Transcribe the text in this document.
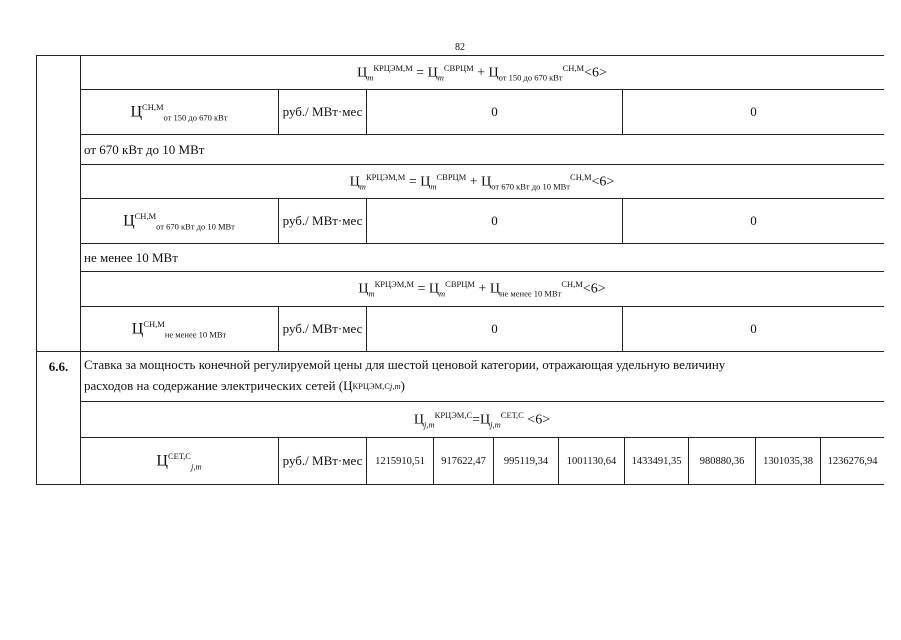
82
$Ц_m^{КРЦЭМ,М} = Ц_m^{СВРЦМ} + Ц_{от 150 до 670 кВт}^{СН,М}<6>$
$Ц^{СН,М}_{от 150 до 670 кВт}$	руб./ МВт·мес	0	0
от 670 кВт до 10 МВт
$Ц_m^{КРЦЭМ,М} = Ц_m^{СВРЦМ} + Ц_{от 670 кВт до 10 МВт}^{СН,М}<6>$
$Ц^{СН,М}_{от 670 кВт до 10 МВт}$	руб./ МВт·мес	0	0
не менее 10 МВт
$Ц_m^{КРЦЭМ,М} = Ц_m^{СВРЦМ} + Ц_{не менее 10 МВт}^{СН,М}<6>$
$Ц^{СН,М}_{не менее 10 МВт}$	руб./ МВт·мес	0	0
6.6.	Ставка за мощность конечной регулируемой цены для шестой ценовой категории, отражающая удельную величину
расходов на содержание электрических сетей (Ц КРЦЭМ,С j,m )
$Ц_{j,m}^{КРЦЭМ,С}=Ц_{j,m}^{СЕТ,С} <6>$
$Ц^{СЕТ,С}_{j,m}$	руб./ МВт·мес	1215910,51	917622,47	995119,34	1001130,64	1433491,35	980880,36	1301035,38	1236276,94
